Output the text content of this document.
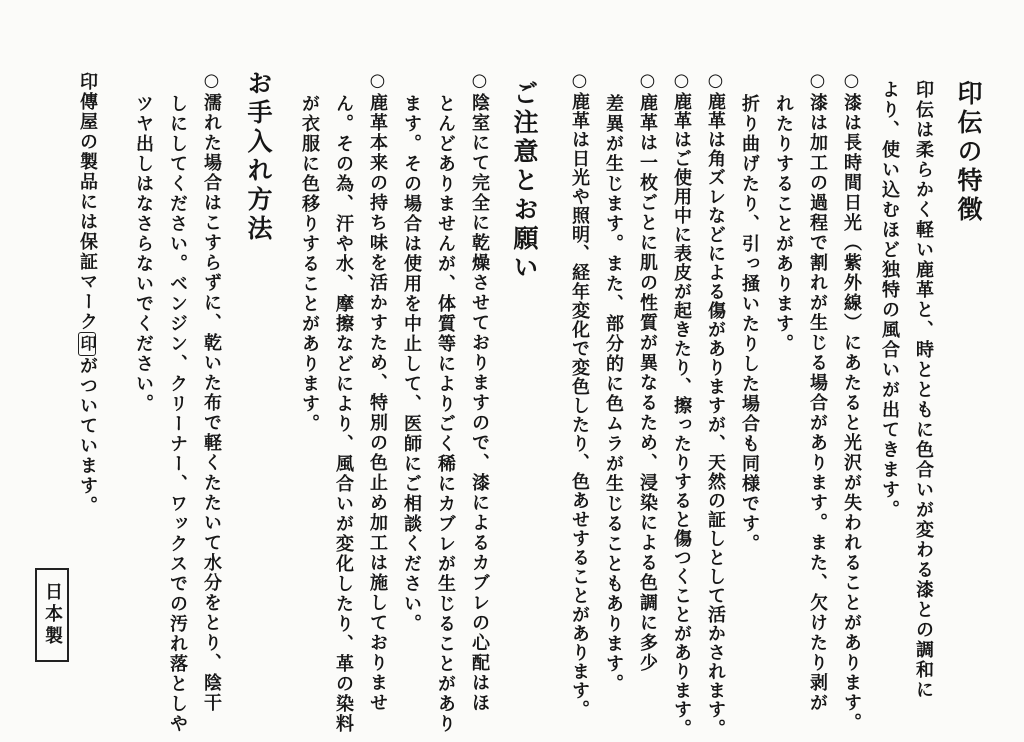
印伝の特徴
印伝は柔らかく軽い鹿革と、時とともに色合いが変わる漆との調和に
より、使い込むほど独特の風合いが出てきます。
○漆は長時間日光（紫外線）にあたると光沢が失われることがあります。
○漆は加工の過程で割れが生じる場合があります。また、欠けたり剥が
れたりすることがあります。
折り曲げたり、引っ掻いたりした場合も同様です。
○鹿革は角ズレなどによる傷がありますが、天然の証しとして活かされます。
○鹿革はご使用中に表皮が起きたり、擦ったりすると傷つくことがあります。
○鹿革は一枚ごとに肌の性質が異なるため、浸染による色調に多少
差異が生じます。また、部分的に色ムラが生じることもあります。
○鹿革は日光や照明、経年変化で変色したり、色あせすることがあります。
ご注意とお願い
○陰室にて完全に乾燥させておりますので、漆によるカブレの心配はほ
とんどありませんが、体質等によりごく稀にカブレが生じることがあり
ます。その場合は使用を中止して、医師にご相談ください。
○鹿革本来の持ち味を活かすため、特別の色止め加工は施しておりませ
ん。その為、汗や水、摩擦などにより、風合いが変化したり、革の染料
が衣服に色移りすることがあります。
お手入れ方法
○濡れた場合はこすらずに、乾いた布で軽くたたいて水分をとり、陰干
しにしてください。ベンジン、クリーナー、ワックスでの汚れ落としや
ツヤ出しはなさらないでください。
印傳屋の製品には保証マーク印がついています。
日本製
